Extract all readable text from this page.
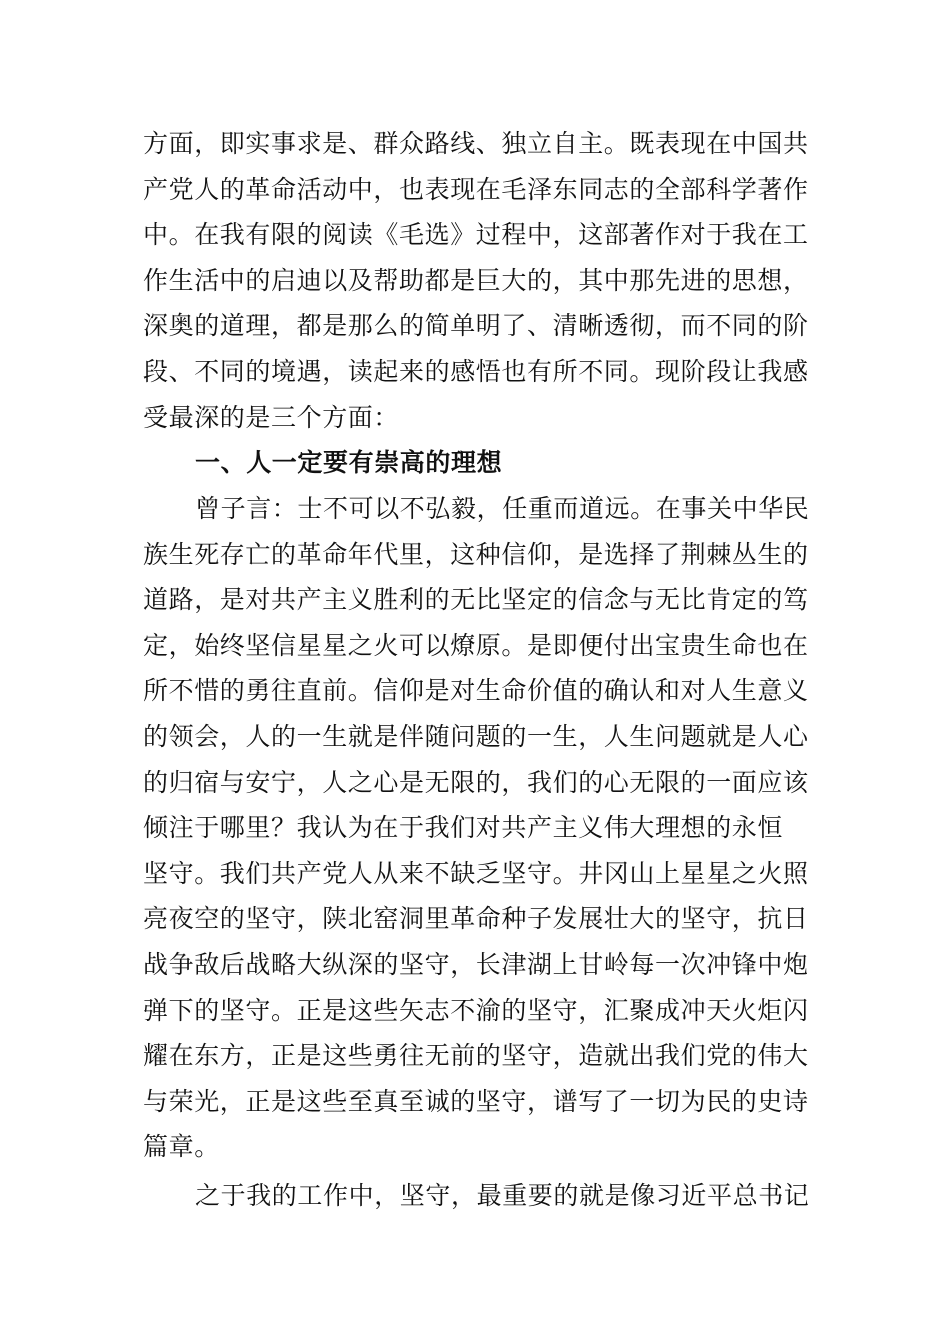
方面，即实事求是、群众路线、独立自主。既表现在中国共
产党人的革命活动中，也表现在毛泽东同志的全部科学著作
中。在我有限的阅读《毛选》过程中，这部著作对于我在工
作生活中的启迪以及帮助都是巨大的，其中那先进的思想，
深奥的道理，都是那么的简单明了、清晰透彻，而不同的阶
段、不同的境遇，读起来的感悟也有所不同。现阶段让我感
受最深的是三个方面：
一、人一定要有崇高的理想
曾子言：士不可以不弘毅，任重而道远。在事关中华民
族生死存亡的革命年代里，这种信仰，是选择了荆棘丛生的
道路，是对共产主义胜利的无比坚定的信念与无比肯定的笃
定，始终坚信星星之火可以燎原。是即便付出宝贵生命也在
所不惜的勇往直前。信仰是对生命价值的确认和对人生意义
的领会，人的一生就是伴随问题的一生，人生问题就是人心
的归宿与安宁，人之心是无限的，我们的心无限的一面应该
倾注于哪里？我认为在于我们对共产主义伟大理想的永恒
坚守。我们共产党人从来不缺乏坚守。井冈山上星星之火照
亮夜空的坚守，陕北窑洞里革命种子发展壮大的坚守，抗日
战争敌后战略大纵深的坚守，长津湖上甘岭每一次冲锋中炮
弹下的坚守。正是这些矢志不渝的坚守，汇聚成冲天火炬闪
耀在东方，正是这些勇往无前的坚守，造就出我们党的伟大
与荣光，正是这些至真至诚的坚守，谱写了一切为民的史诗
篇章。
之于我的工作中，坚守，最重要的就是像习近平总书记
